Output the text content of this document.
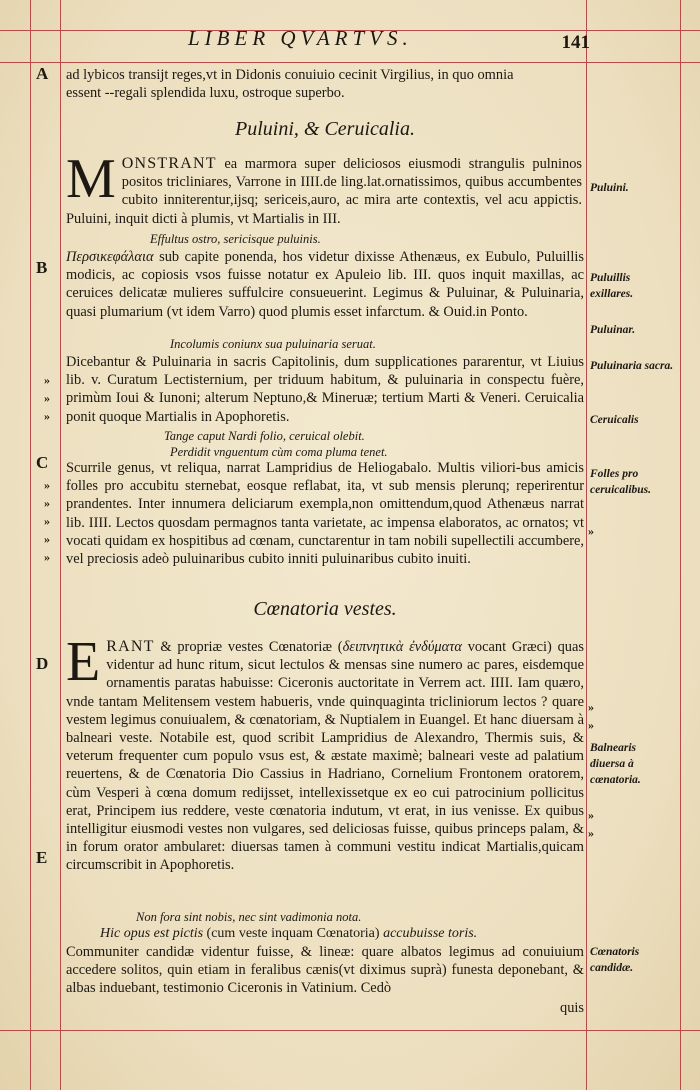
LIBER QVARTVS.	141
A
B
C
D
E
»
»
»
»
»
»
»
»
Puluini.
Puluillis exillares.
Puluinar.
Puluinaria sacra.
Ceruicalis
Folles pro ceruicalibus.
Balnearis diuersa à cœnatoria.
Cœnatoris candidæ.
»
»
»
»
»

ad lybicos transijt reges,vt in Didonis conuiuio cecinit Virgilius, in quo omnia

essent --regali splendida luxu, ostroque superbo.

Puluini, & Ceruicalia.
MONSTRANT ea marmora super deliciosos eiusmodi strangulis pulninos positos tricliniares, Varrone in IIII.de ling.lat.ornatissimos, quibus accumbentes cubito inniterentur,ijsq; sericeis,auro, ac mira arte contextis, vel acu appictis. Puluini, inquit dicti à plumis, vt Martialis in III.
Effultus ostro, sericisque puluinis.
Περσικεφάλαια sub capite ponenda, hos videtur dixisse Athenæus, ex Eubulo, Puluillis modicis, ac copiosis vsos fuisse notatur ex Apuleio lib. III. quos inquit maxillas, ac ceruices delicatæ mulieres suffulcire consueuerint. Legimus & Puluinar, & Puluinaria, quasi plumarium (vt idem Varro) quod plumis esset infarctum. & Ouid.in Ponto.
Incolumis coniunx sua puluinaria seruat.
Dicebantur & Puluinaria in sacris Capitolinis, dum supplicationes pararentur, vt Liuius lib. v. Curatum Lectisternium, per triduum habitum, & puluinaria in conspectu fuère, primùm Ioui & Iunoni; alterum Neptuno,& Mineruæ; tertium Marti & Veneri. Ceruicalia ponit quoque Martialis in Apophoretis.
Tange caput Nardi folio, ceruical olebit.
Perdidit vnguentum cùm coma pluma tenet.
Scurrile genus, vt reliqua, narrat Lampridius de Heliogabalo. Multis viliori-bus amicis folles pro accubitu sternebat, eosque reflabat, ita, vt sub mensis plerunq; reperirentur prandentes. Inter innumera deliciarum exempla,non omittendum,quod Athenæus narrat lib. IIII. Lectos quosdam permagnos tanta varietate, ac impensa elaboratos, ac ornatos; vt vocati quidam ex hospitibus ad cœnam, cunctarentur in tam nobili supellectili accumbere, vel preciosis adeò puluinaribus cubito inniti puluinaribus cubito inuiti.
Cœnatoria vestes.
ERANT & propriæ vestes Cœnatoriæ (δειπνητικὰ ἐνδύματα vocant Græci) quas videntur ad hunc ritum, sicut lectulos & mensas sine numero ac pares, eisdemque ornamentis paratas habuisse: Ciceronis auctoritate in Verrem act. IIII. Iam quæro, vnde tantam Melitensem vestem habueris, vnde quinquaginta tricliniorum lectos ? quare vestem legimus conuiualem, & cœnatoriam, & Nuptialem in Euangel. Et hanc diuersam à balneari veste. Notabile est, quod scribit Lampridius de Alexandro, Thermis suis, & veterum frequenter cum populo vsus est, & æstate maximè; balneari veste ad palatium reuertens, & de Cœnatoria Dio Cassius in Hadriano, Cornelium Frontonem oratorem, cùm Vesperi à cœna domum redijsset, intellexissetque ex eo cui patrocinium pollicitus erat, Principem ius reddere, veste cœnatoria indutum, vt erat, in ius venisse. Ex quibus intelligitur eiusmodi vestes non vulgares, sed deliciosas fuisse, quibus princeps palam, & in forum orator ambularet: diuersas tamen à communi vestitu indicat Martialis,quicam circumscribit in Apophoretis.
Non fora sint nobis, nec sint vadimonia nota.
Hic opus est pictis (cum veste inquam Cœnatoria) accubuisse toris.
Communiter candidæ videntur fuisse, & lineæ: quare albatos legimus ad conuiuium accedere solitos, quin etiam in feralibus cænis(vt diximus suprà) funesta deponebant, & albas induebant, testimonio Ciceronis in Vatinium. Cedò
quis
